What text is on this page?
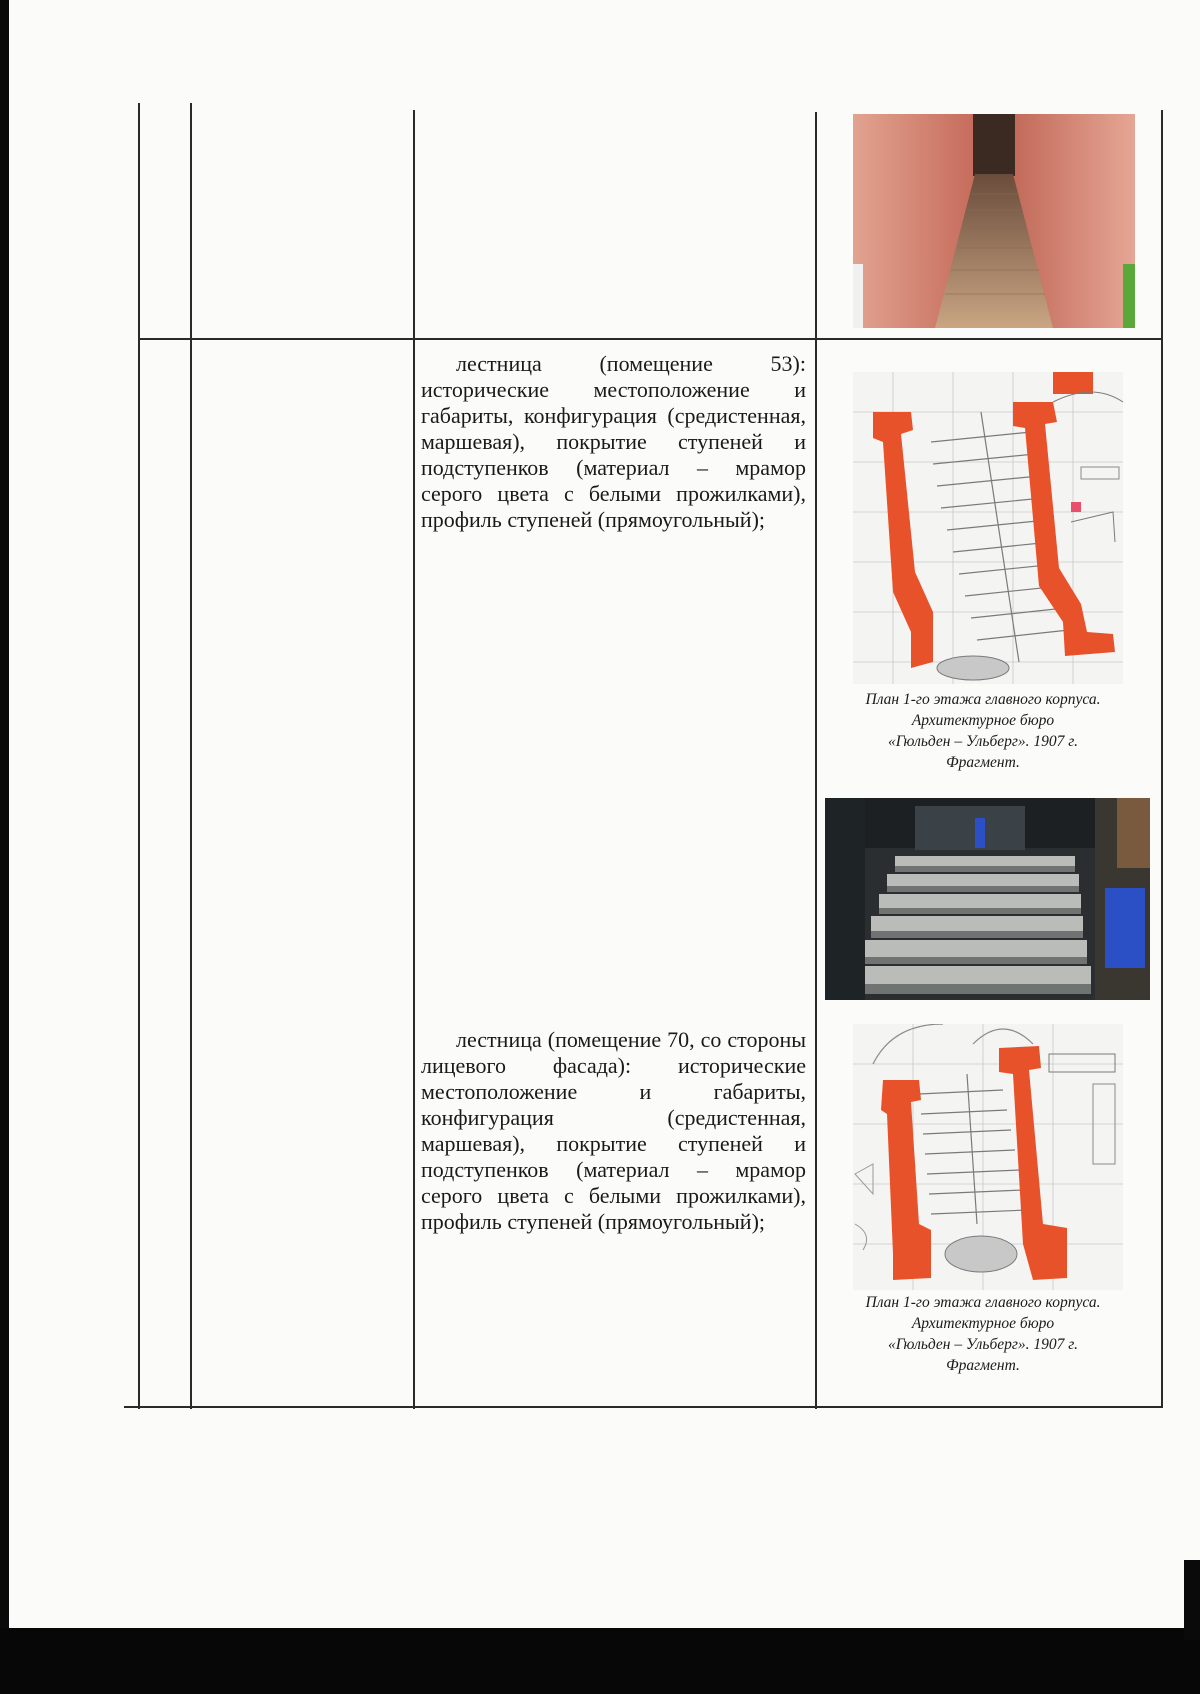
лестница (помещение 53): исторические местоположение и габариты, конфигурация (средистенная, маршевая), покрытие ступеней и подступенков (материал – мрамор серого цвета с белыми прожилками), профиль ступеней (прямоугольный);

План 1-го этажа главного корпуса.
Архитектурное бюро
«Гюльден – Ульберг». 1907 г.
Фрагмент.

лестница (помещение 70, со стороны лицевого фасада): исторические местоположение и габариты, конфигурация (средистенная, маршевая), покрытие ступеней и подступенков (материал – мрамор серого цвета с белыми прожилками), профиль ступеней (прямоугольный);

План 1-го этажа главного корпуса.
Архитектурное бюро
«Гюльден – Ульберг». 1907 г.
Фрагмент.
